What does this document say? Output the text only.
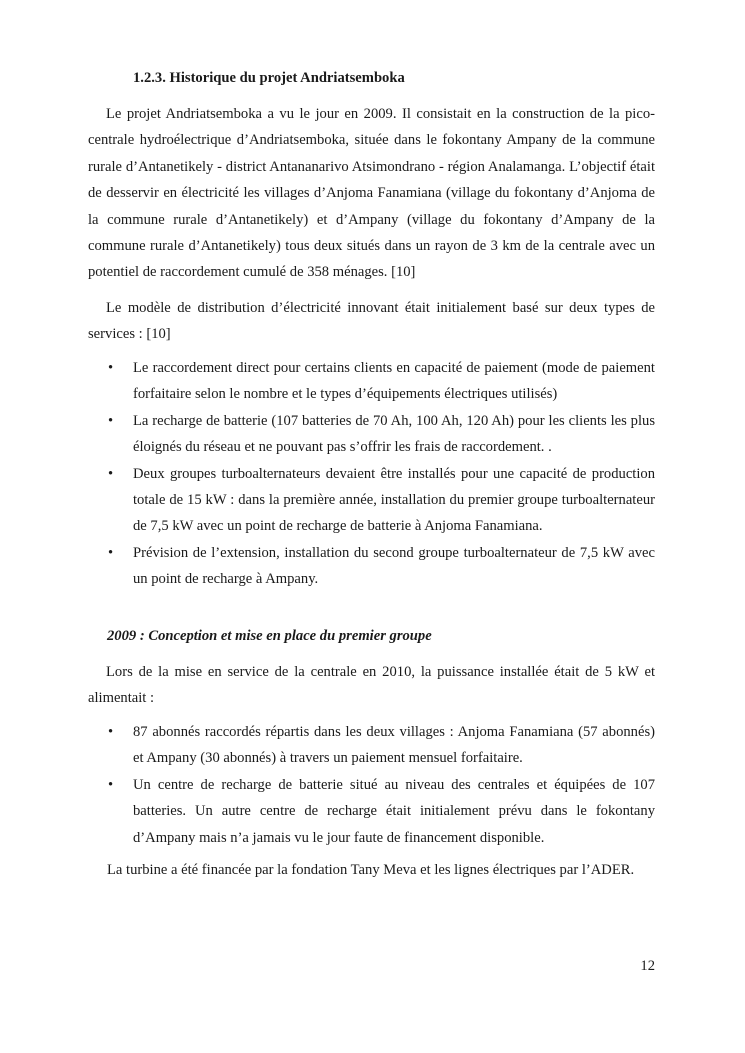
1.2.3. Historique du projet Andriatsemboka

Le projet Andriatsemboka a vu le jour en 2009. Il consistait en la construction de la pico-centrale hydroélectrique d’Andriatsemboka, située dans le fokontany Ampany de la commune rurale d’Antanetikely - district Antananarivo Atsimondrano - région Analamanga. L’objectif était de desservir en électricité les villages d’Anjoma Fanamiana (village du fokontany d’Anjoma de la commune rurale d’Antanetikely) et d’Ampany (village du fokontany d’Ampany de la commune rurale d’Antanetikely) tous deux situés dans un rayon de 3 km de la centrale avec un potentiel de raccordement cumulé de 358 ménages. [10]

Le modèle de distribution d’électricité innovant était initialement basé sur deux types de services : [10]

•	Le raccordement direct pour certains clients en capacité de paiement (mode de paiement forfaitaire selon le nombre et le types d’équipements électriques utilisés)
•	La recharge de batterie (107 batteries de 70 Ah, 100 Ah, 120 Ah) pour les clients les plus éloignés du réseau et ne pouvant pas s’offrir les frais de raccordement. .
•	Deux groupes turboalternateurs devaient être installés pour une capacité de production totale de 15 kW : dans la première année, installation du premier groupe turboalternateur de 7,5 kW avec un point de recharge de batterie à Anjoma Fanamiana.
•	Prévision de l’extension, installation du second groupe turboalternateur de 7,5 kW avec un point de recharge à Ampany.
2009 : Conception et mise en place du premier groupe

Lors de la mise en service de la centrale en 2010, la puissance installée était de 5 kW et alimentait :

•	87 abonnés raccordés répartis dans les deux villages : Anjoma Fanamiana (57 abonnés) et Ampany (30 abonnés) à travers un paiement mensuel forfaitaire.
•	Un centre de recharge de batterie situé au niveau des centrales et équipées de 107 batteries. Un autre centre de recharge était initialement prévu dans le fokontany d’Ampany mais n’a jamais vu le jour faute de financement disponible.

La turbine a été financée par la fondation Tany Meva et les lignes électriques par l’ADER.

12
